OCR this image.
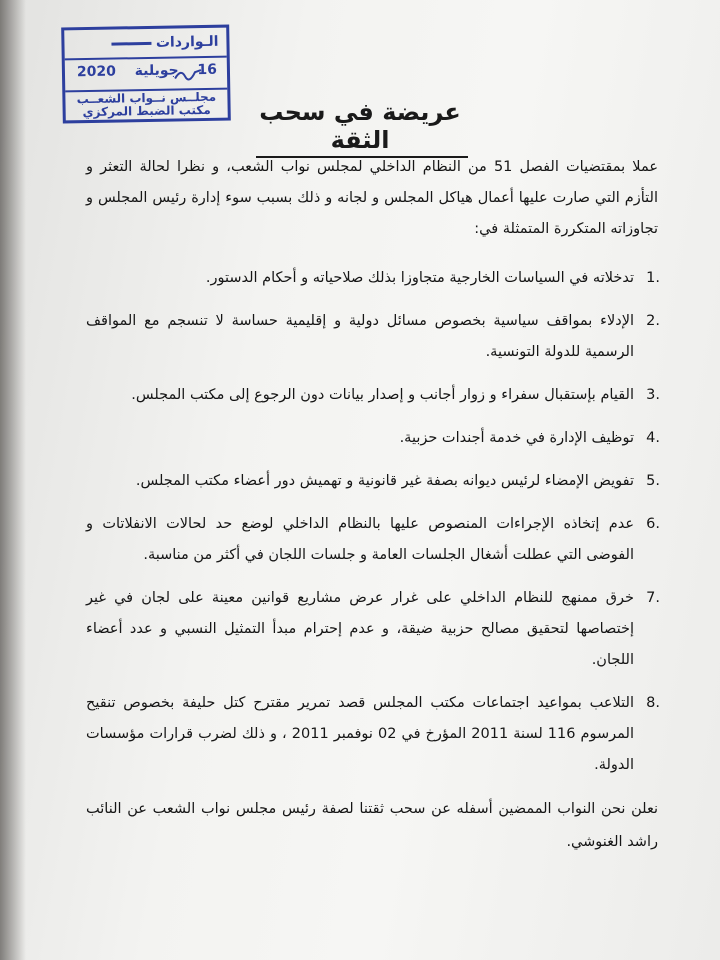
الـواردات
2020 جويلية 16
مجلــس نــواب الشعــب
مكتب الضبط المركزي	عريضة في سحب الثقة

عملا بمقتضيات الفصل 51 من النظام الداخلي لمجلس نواب الشعب، و نظرا لحالة التعثر و التأزم التي صارت عليها أعمال هياكل المجلس و لجانه و ذلك بسبب سوء إدارة رئيس المجلس و تجاوزاته المتكررة المتمثلة في:

1.
تدخلاته في السياسات الخارجية متجاوزا بذلك صلاحياته و أحكام الدستور.
2.
الإدلاء بمواقف سياسية بخصوص مسائل دولية و إقليمية حساسة لا تنسجم مع المواقف الرسمية للدولة التونسية.
3.
القيام بإستقبال سفراء و زوار أجانب و إصدار بيانات دون الرجوع إلى مكتب المجلس.
4.
توظيف الإدارة في خدمة أجندات حزبية.
5.
تفويض الإمضاء لرئيس ديوانه بصفة غير قانونية و تهميش دور أعضاء مكتب المجلس.
6.
عدم إتخاذه الإجراءات المنصوص عليها بالنظام الداخلي لوضع حد لحالات الانفلاتات و الفوضى التي عطلت أشغال الجلسات العامة و جلسات اللجان في أكثر من مناسبة.
7.
خرق ممنهج للنظام الداخلي على غرار عرض مشاريع قوانين معينة على لجان في غير إختصاصها لتحقيق مصالح حزبية ضيقة، و عدم إحترام مبدأ التمثيل النسبي و عدد أعضاء اللجان.
8.
التلاعب بمواعيد اجتماعات مكتب المجلس قصد تمرير مقترح كتل حليفة بخصوص تنقيح المرسوم 116 لسنة 2011 المؤرخ في 02 نوفمبر 2011 ، و ذلك لضرب قرارات مؤسسات الدولة.

نعلن نحن النواب الممضين أسفله عن سحب ثقتنا لصفة رئيس مجلس نواب الشعب عن النائب راشد الغنوشي.
